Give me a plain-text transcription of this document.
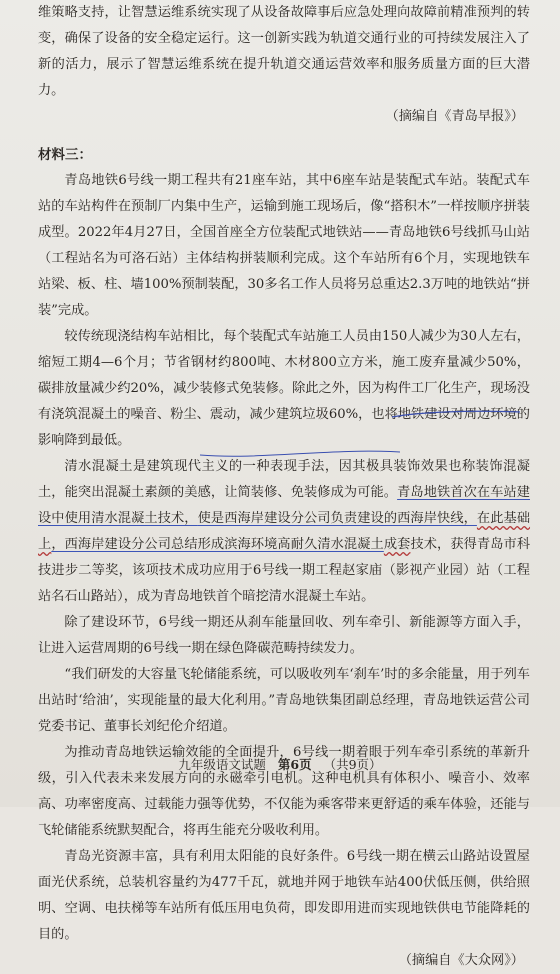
维策略支持，让智慧运维系统实现了从设备故障事后应急处理向故障前精准预判的转变，确保了设备的安全稳定运行。这一创新实践为轨道交通行业的可持续发展注入了新的活力，展示了智慧运维系统在提升轨道交通运营效率和服务质量方面的巨大潜力。

（摘编自《青岛早报》）

材料三：

青岛地铁6号线一期工程共有21座车站，其中6座车站是装配式车站。装配式车站的车站构件在预制厂内集中生产，运输到施工现场后，像“搭积木”一样按顺序拼装成型。2022年4月27日，全国首座全方位装配式地铁站——青岛地铁6号线抓马山站（工程站名为可洛石站）主体结构拼装顺利完成。这个车站所有6个月，实现地铁车站梁、板、柱、墙100%预制装配，30多名工作人员将另总重达2.3万吨的地铁站“拼装”完成。

较传统现浇结构车站相比，每个装配式车站施工人员由150人减少为30人左右，缩短工期4—6个月；节省钢材约800吨、木材800立方米，施工废弃量减少50%，碳排放量减少约20%，减少装修式免装修。除此之外，因为构件工厂化生产，现场没有浇筑混凝土的噪音、粉尘、震动，减少建筑垃圾60%，也将地铁建设对周边环境的影响降到最低。

清水混凝土是建筑现代主义的一种表现手法，因其极具装饰效果也称装饰混凝土，能突出混凝土素颜的美感，让简装修、免装修成为可能。青岛地铁首次在车站建设中使用清水混凝土技术，使是西海岸建设分公司负责建设的西海岸快线，在此基础上，西海岸建设分公司总结形成滨海环境高耐久清水混凝土成套技术，获得青岛市科技进步二等奖，该项技术成功应用于6号线一期工程赵家庙（影视产业园）站（工程站名石山路站），成为青岛地铁首个暗挖清水混凝土车站。

除了建设环节，6号线一期还从刹车能量回收、列车牵引、新能源等方面入手，让进入运营周期的6号线一期在绿色降碳范畴持续发力。

“我们研发的大容量飞轮储能系统，可以吸收列车‘刹车’时的多余能量，用于列车出站时‘给油’，实现能量的最大化利用。”青岛地铁集团副总经理，青岛地铁运营公司党委书记、董事长刘纪伦介绍道。

为推动青岛地铁运输效能的全面提升，6号线一期着眼于列车牵引系统的革新升级，引入代表未来发展方向的永磁牵引电机。这种电机具有体积小、噪音小、效率高、功率密度高、过载能力强等优势，不仅能为乘客带来更舒适的乘车体验，还能与飞轮储能系统默契配合，将再生能充分吸收利用。

青岛光资源丰富，具有利用太阳能的良好条件。6号线一期在横云山路站设置屋面光伏系统，总装机容量约为477千瓦，就地并网于地铁车站400伏低压侧，供给照明、空调、电扶梯等车站所有低压用电负荷，即发即用进而实现地铁供电节能降耗的目的。

（摘编自《大众网》）

九年级语文试题 第6页 （共9页）
